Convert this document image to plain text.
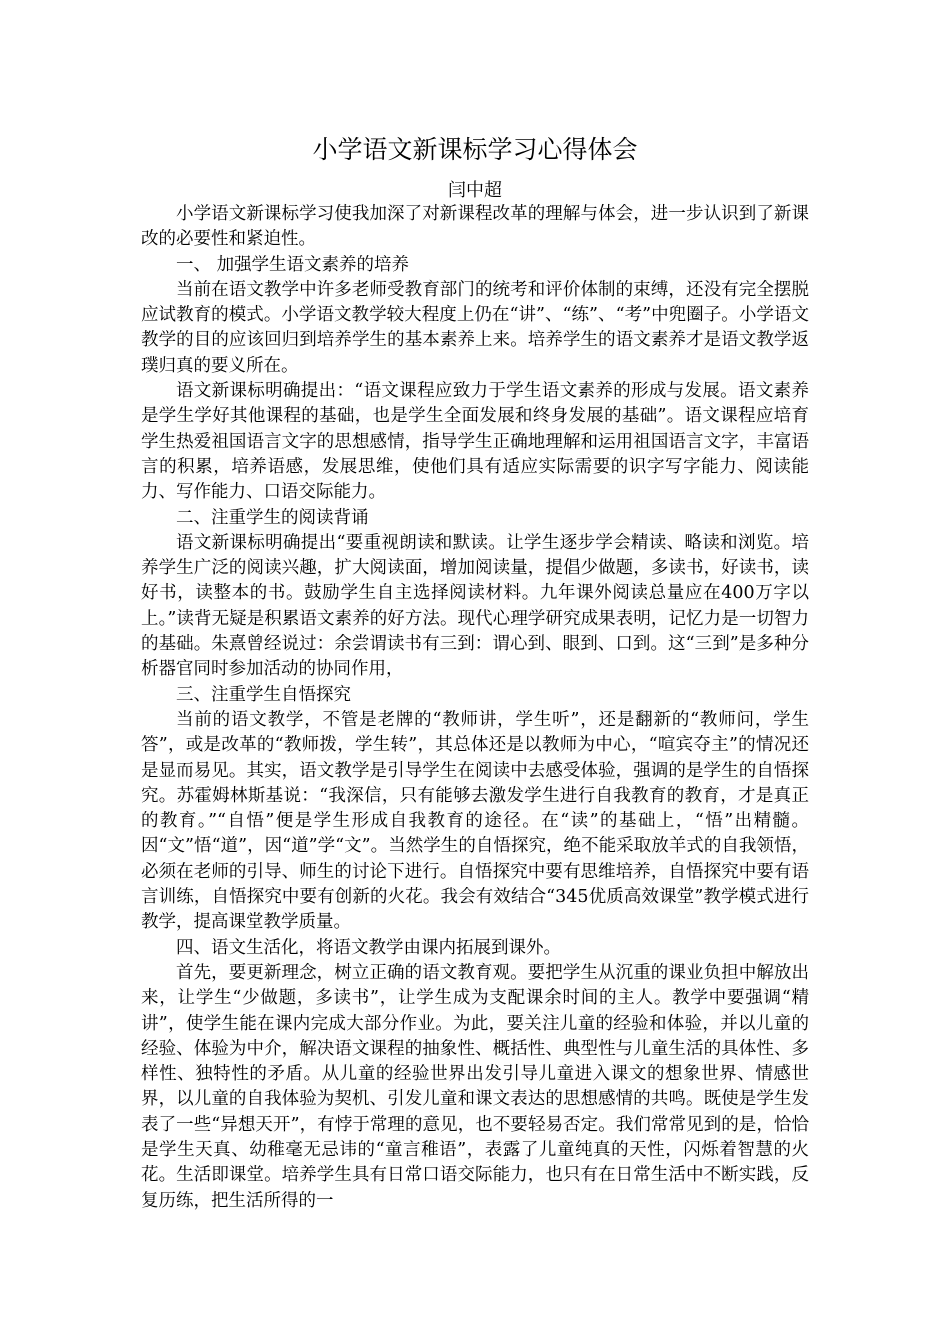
小学语文新课标学习心得体会
闫中超

小学语文新课标学习使我加深了对新课程改革的理解与体会，进一步认识到了新课改的必要性和紧迫性。

一、 加强学生语文素养的培养

当前在语文教学中许多老师受教育部门的统考和评价体制的束缚，还没有完全摆脱应试教育的模式。小学语文教学较大程度上仍在“讲”、“练”、“考”中兜圈子。小学语文教学的目的应该回归到培养学生的基本素养上来。培养学生的语文素养才是语文教学返璞归真的要义所在。

语文新课标明确提出：“语文课程应致力于学生语文素养的形成与发展。语文素养是学生学好其他课程的基础，也是学生全面发展和终身发展的基础”。语文课程应培育学生热爱祖国语言文字的思想感情，指导学生正确地理解和运用祖国语言文字，丰富语言的积累，培养语感，发展思维，使他们具有适应实际需要的识字写字能力、阅读能力、写作能力、口语交际能力。

二、注重学生的阅读背诵

语文新课标明确提出“要重视朗读和默读。让学生逐步学会精读、略读和浏览。培养学生广泛的阅读兴趣，扩大阅读面，增加阅读量，提倡少做题，多读书，好读书，读好书，读整本的书。鼓励学生自主选择阅读材料。九年课外阅读总量应在400万字以上。”读背无疑是积累语文素养的好方法。现代心理学研究成果表明，记忆力是一切智力的基础。朱熹曾经说过：余尝谓读书有三到：谓心到、眼到、口到。这“三到”是多种分析器官同时参加活动的协同作用，

三、注重学生自悟探究

当前的语文教学，不管是老牌的“教师讲，学生听”，还是翻新的“教师问，学生答”，或是改革的“教师拨，学生转”，其总体还是以教师为中心，“喧宾夺主”的情况还是显而易见。其实，语文教学是引导学生在阅读中去感受体验，强调的是学生的自悟探究。苏霍姆林斯基说：“我深信，只有能够去激发学生进行自我教育的教育，才是真正的教育。”“自悟”便是学生形成自我教育的途径。在“读”的基础上，“悟”出精髓。因“文”悟“道”，因“道”学“文”。当然学生的自悟探究，绝不能采取放羊式的自我领悟，必须在老师的引导、师生的讨论下进行。自悟探究中要有思维培养，自悟探究中要有语言训练，自悟探究中要有创新的火花。我会有效结合“345优质高效课堂”教学模式进行教学，提高课堂教学质量。

四、语文生活化，将语文教学由课内拓展到课外。

首先，要更新理念，树立正确的语文教育观。要把学生从沉重的课业负担中解放出来，让学生“少做题，多读书”，让学生成为支配课余时间的主人。教学中要强调“精讲”，使学生能在课内完成大部分作业。为此，要关注儿童的经验和体验，并以儿童的经验、体验为中介，解决语文课程的抽象性、概括性、典型性与儿童生活的具体性、多样性、独特性的矛盾。从儿童的经验世界出发引导儿童进入课文的想象世界、情感世界，以儿童的自我体验为契机、引发儿童和课文表达的思想感情的共鸣。既使是学生发表了一些“异想天开”，有悖于常理的意见，也不要轻易否定。我们常常见到的是，恰恰是学生天真、幼稚毫无忌讳的“童言稚语”，表露了儿童纯真的天性，闪烁着智慧的火花。生活即课堂。培养学生具有日常口语交际能力，也只有在日常生活中不断实践，反复历练，把生活所得的一
